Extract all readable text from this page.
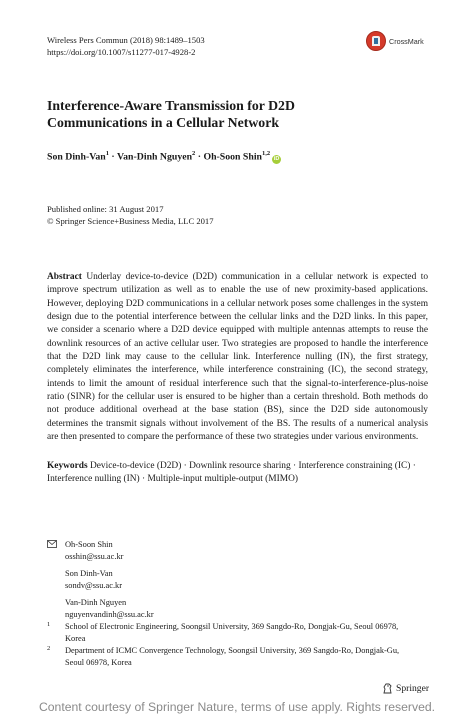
Wireless Pers Commun (2018) 98:1489–1503
https://doi.org/10.1007/s11277-017-4928-2
CrossMark
Interference-Aware Transmission for D2D
Communications in a Cellular Network
Son Dinh-Van$^1$ · Van-Dinh Nguyen$^2$ · Oh-Soon Shin$^{1,2}$iD
Published online: 31 August 2017
© Springer Science+Business Media, LLC 2017
Abstract Underlay device-to-device (D2D) communication in a cellular network is expected to improve spectrum utilization as well as to enable the use of new proximity-based applications. However, deploying D2D communications in a cellular network poses some challenges in the system design due to the potential interference between the cellular links and the D2D links. In this paper, we consider a scenario where a D2D device equipped with multiple antennas attempts to reuse the downlink resources of an active cellular user. Two strategies are proposed to handle the interference that the D2D link may cause to the cellular link. Interference nulling (IN), the first strategy, completely eliminates the interference, while interference constraining (IC), the second strategy, intends to limit the amount of residual interference such that the signal-to-interference-plus-noise ratio (SINR) for the cellular user is ensured to be higher than a certain threshold. Both methods do not produce additional overhead at the base station (BS), since the D2D side autonomously determines the transmit signals without involvement of the BS. The results of a numerical analysis are then presented to compare the performance of these two strategies under various environments.
Keywords Device-to-device (D2D) · Downlink resource sharing · Interference constraining (IC) · Interference nulling (IN) · Multiple-input multiple-output (MIMO)
Oh-Soon Shin
osshin@ssu.ac.kr
Son Dinh-Van
sondv@ssu.ac.kr
Van-Dinh Nguyen
nguyenvandinh@ssu.ac.kr
1 School of Electronic Engineering, Soongsil University, 369 Sangdo-Ro, Dongjak-Gu, Seoul 06978,
Korea
2 Department of ICMC Convergence Technology, Soongsil University, 369 Sangdo-Ro, Dongjak-Gu,
Seoul 06978, Korea
Springer
Content courtesy of Springer Nature, terms of use apply. Rights reserved.
